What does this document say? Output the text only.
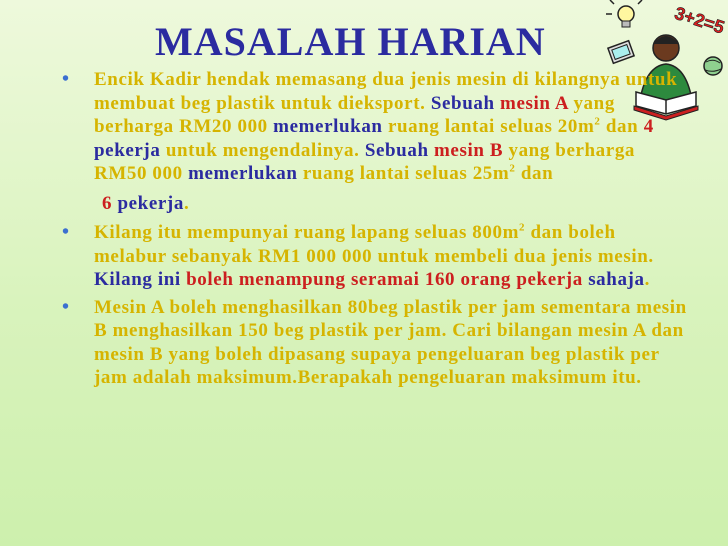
MASALAH HARIAN	3+2=5
• Encik Kadir hendak memasang dua jenis mesin di kilangnya untuk membuat beg plastik untuk dieksport. Sebuah mesin A yang berharga RM20 000 memerlukan ruang lantai seluas $20m^2$ dan 4 pekerja untuk mengendalinya. Sebuah mesin B yang berharga RM50 000 memerlukan ruang lantai seluas $25m^2$ dan
6 pekerja.
• Kilang itu mempunyai ruang lapang seluas $800m^2$ dan boleh melabur sebanyak RM1 000 000 untuk membeli dua jenis mesin. Kilang ini boleh menampung seramai 160 orang pekerja sahaja.
• Mesin A boleh menghasilkan 80beg plastik per jam sementara mesin B menghasilkan 150 beg plastik per jam. Cari bilangan mesin A dan mesin B yang boleh dipasang supaya pengeluaran beg plastik per jam adalah maksimum.Berapakah pengeluaran maksimum itu.
